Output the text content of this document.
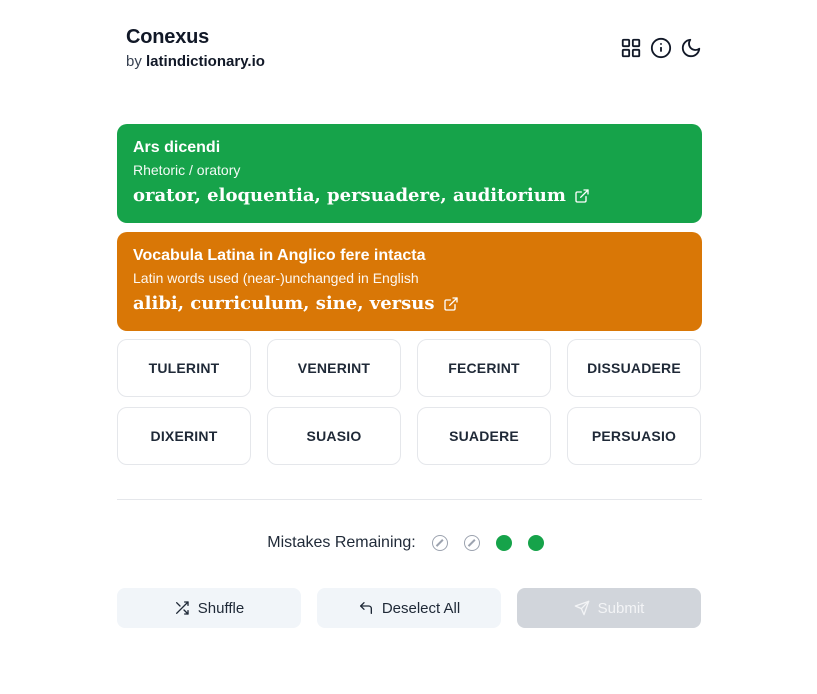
Conexus
by latindictionary.io
Ars dicendi
Rhetoric / oratory
orator, eloquentia, persuadere, auditorium
Vocabula Latina in Anglico fere intacta
Latin words used (near-)unchanged in English
alibi, curriculum, sine, versus
TULERINT	VENERINT	FECERINT	DISSUADERE
DIXERINT	SUASIO	SUADERE	PERSUASIO
Mistakes Remaining:
Shuffle	Deselect All	Submit
